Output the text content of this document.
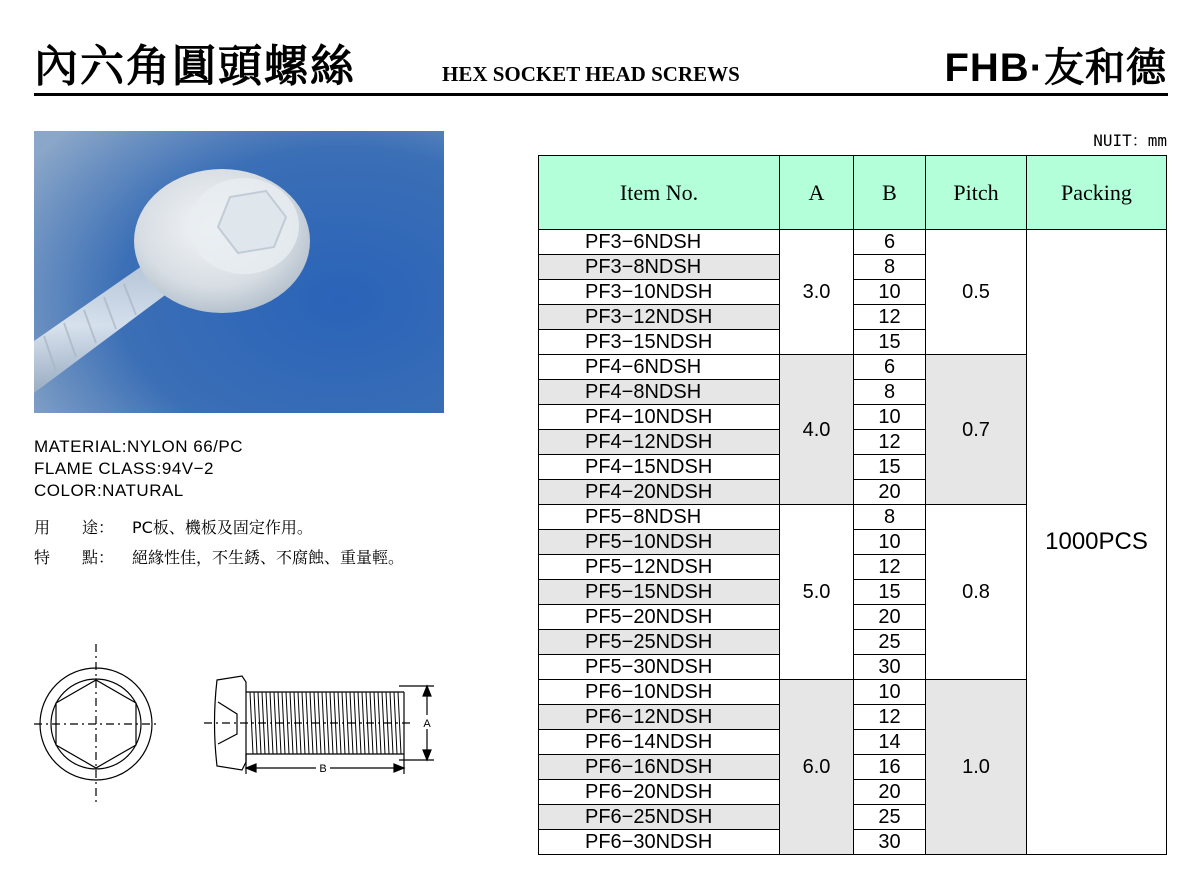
內六角圓頭螺絲	HEX SOCKET HEAD SCREWS	FHB·友和德
MATERIAL:NYLON 66/PC
FLAME CLASS:94V−2
COLOR:NATURAL
用　　途：	PC板、機板及固定作用。
特　　點：	絕緣性佳，不生銹、不腐蝕、重量輕。
A
B
NUIT：mm
Item No.	A	B	Pitch	Packing
PF3−6NDSH	3.0	6	0.5	1000PCS
PF3−8NDSH		8		
PF3−10NDSH		10		
PF3−12NDSH		12		
PF3−15NDSH		15		
PF4−6NDSH	4.0	6	0.7	
PF4−8NDSH		8		
PF4−10NDSH		10		
PF4−12NDSH		12		
PF4−15NDSH		15		
PF4−20NDSH		20		
PF5−8NDSH	5.0	8	0.8	
PF5−10NDSH		10		
PF5−12NDSH		12		
PF5−15NDSH		15		
PF5−20NDSH		20		
PF5−25NDSH		25		
PF5−30NDSH		30		
PF6−10NDSH	6.0	10	1.0	
PF6−12NDSH		12		
PF6−14NDSH		14		
PF6−16NDSH		16		
PF6−20NDSH		20		
PF6−25NDSH		25		
PF6−30NDSH		30		
